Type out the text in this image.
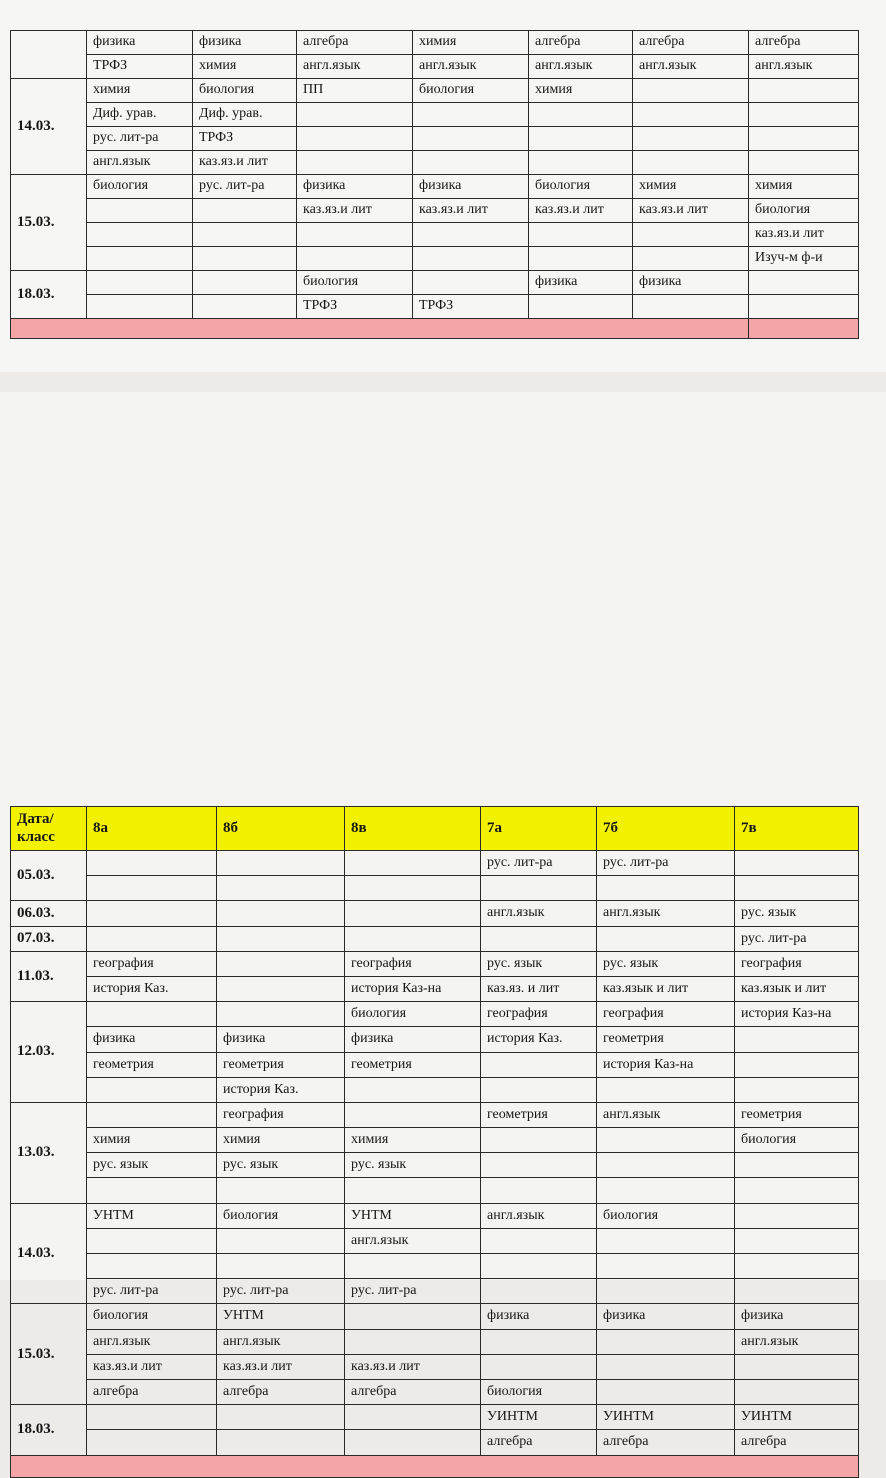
	физика	физика	алгебра	химия	алгебра	алгебра	алгебра
	ТРФЗ	химия	англ.язык	англ.язык	англ.язык	англ.язык	англ.язык
14.03.	химия	биология	ПП	биология	химия		
	Диф. урав.	Диф. урав.					
	рус. лит-ра	ТРФЗ					
	англ.язык	каз.яз.и лит					
15.03.	биология	рус. лит-ра	физика	физика	биология	химия	химия
			каз.яз.и лит	каз.яз.и лит	каз.яз.и лит	каз.яз.и лит	биология
							каз.яз.и лит
							Изуч-м ф-и
18.03.			биология		физика	физика	
			ТРФЗ	ТРФЗ			

Дата/класс	8а	8б	8в	7а	7б	7в
05.03.				рус. лит-ра	рус. лит-ра	

06.03.				англ.язык	англ.язык	рус. язык
07.03.						рус. лит-ра
11.03.	география		география	рус. язык	рус. язык	география
	история Каз.		история Каз-на	каз.яз. и лит	каз.язык и лит	каз.язык и лит
12.03.			биология	география	география	история Каз-на
	физика	физика	физика	история Каз.	геометрия	
	геометрия	геометрия	геометрия		история Каз-на	
		история Каз.				
13.03.		география		геометрия	англ.язык	геометрия
	химия	химия	химия			биология
	рус. язык	рус. язык	рус. язык			

14.03.	УНТМ	биология	УНТМ	англ.язык	биология	
			англ.язык			

	рус. лит-ра	рус. лит-ра	рус. лит-ра			
15.03.	биология	УНТМ		физика	физика	физика
	англ.язык	англ.язык				англ.язык
	каз.яз.и лит	каз.яз.и лит	каз.яз.и лит			
	алгебра	алгебра	алгебра	биология		
18.03.				УИНТМ	УИНТМ	УИНТМ
				алгебра	алгебра	алгебра
